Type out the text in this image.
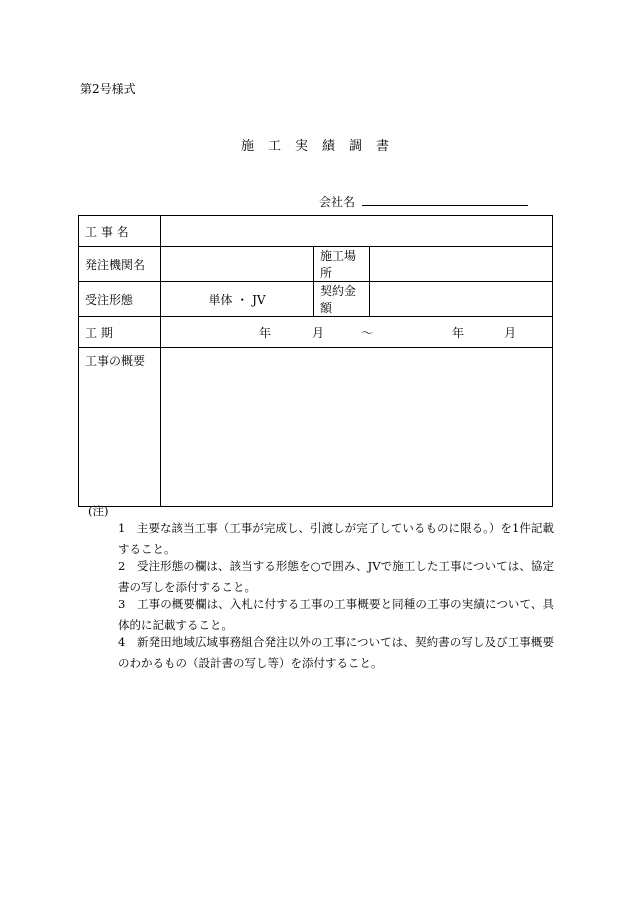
第2号様式
施工実績調書
会社名
工 事 名			

発注機関名		施工場所	
受注形態	単体 ・ JV	契約金額	
工 期	年 月 ～ 年 月		

工事の概要			
(注)
1　主要な該当工事（工事が完成し、引渡しが完了しているものに限る。）を1件記載すること。
2　受注形態の欄は、該当する形態を○で囲み、JVで施工した工事については、協定書の写しを添付すること。
3　工事の概要欄は、入札に付する工事の工事概要と同種の工事の実績について、具体的に記載すること。
4　新発田地域広域事務組合発注以外の工事については、契約書の写し及び工事概要のわかるもの（設計書の写し等）を添付すること。
